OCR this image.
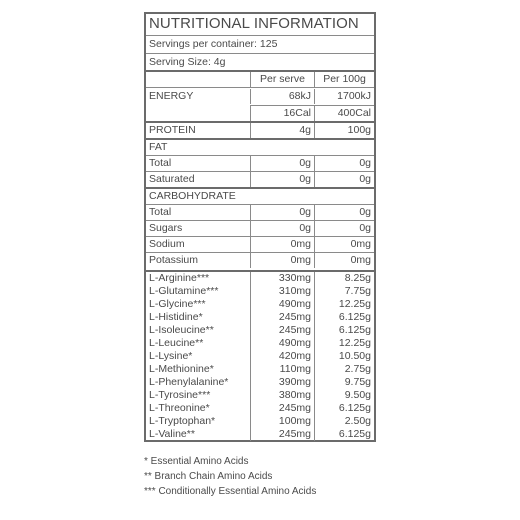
NUTRITIONAL INFORMATION
Servings per container: 125
Serving Size: 4g
Per serve	Per 100g
ENERGY	68kJ	1700kJ
16Cal	400Cal
PROTEIN	4g	100g
FAT
Total	0g	0g
Saturated	0g	0g
CARBOHYDRATE
Total	0g	0g
Sugars	0g	0g
Sodium	0mg	0mg
Potassium	0mg	0mg
L-Arginine***	330mg	8.25g
L-Glutamine***	310mg	7.75g
L-Glycine***	490mg	12.25g
L-Histidine*	245mg	6.125g
L-Isoleucine**	245mg	6.125g
L-Leucine**	490mg	12.25g
L-Lysine*	420mg	10.50g
L-Methionine*	110mg	2.75g
L-Phenylalanine*	390mg	9.75g
L-Tyrosine***	380mg	9.50g
L-Threonine*	245mg	6.125g
L-Tryptophan*	100mg	2.50g
L-Valine**	245mg	6.125g
* Essential Amino Acids
** Branch Chain Amino Acids
*** Conditionally Essential Amino Acids
